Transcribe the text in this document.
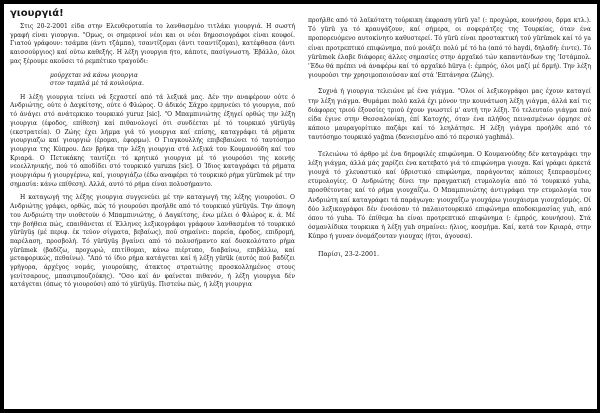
γιουργιά!

Στις 20-2-2001 είδα στην Ελευθεροτυπία το λανθασμένο τιτλάκι γιουργιά. Η σωστή γραφή είναι γιουργια. "Ομως, οι σημερινοί νέοι και οι νέοι δημοσιογράφοι είναι κουφοί. Γιατού γράφουν: τσάμπα (άντι τζάμπα), τσαντίζομαι (άντι τσαντίζομαι), κατέφθασα (άντι καισσούργιος) καί ούτω καθεξής. Η λέξη γιουργια ήτο, κάποτε, πασίγνωστη. Έβάλλο, όλοι μας ξέρουμε ακούσει τό ρεμπέτικο τραγούδι:

μούρχεται νά κάνω γιουργια
στον ταμπλά μέ τά κουλούρια.

Η λέξη γιουργια τείνει νά ξεχαστεί από τά λεξικά μας. Δέν την αναφέρουν ούτε ό Ανδριώτης, ούτε ό Δαγκίτσης, ούτε ό Φλώρος. Ό άδικός Σάχρο ερμηνεύει τό γιουργια, πού τό άνάγει στό ανάτερκικο τουρκικό yuruz [sic]. "Ο Μπαμπινιώτης έξηγεί ορθώς την λέξη γιουργια (έφοδος, επίθεση) καί πιθανολογεί ότι συνδέεται μέ τό τουρκικό yürüyüş (εκστρατεία). Ο Ζώης έχει λήμμα γιά τό γιουργια καί επίσης, καταγράφει τά ρήματα γιουργιαζω καί γιουργιώ (έρομαι, έφορμω). Ο Γιαγκουλλής επιβεβαιώνει τό ταυτόσημο γιουργια της Κύπρου. Δεν βρήκα την λέξη γιουργια στά λεξικά του Κουμανούδη καί του Κριαρά. Ο Πετυκάκης ταυτίζει τό κρητικό γιουργια μέ τό γιουρούσι της κοινής νεοελληνικής, πού τό αποδίδει στό τουρκικό yuruzıs [sic]. Ο Ίδιος καταγράφει τά ρήματα γιουργιάρω ή γιουργέρνω, καί, γιουργιάζω (έδω αναφέρει τό τουρκικό ρήμα yürümek μέ την σημασία: κάνω επίθεση). Αλλά, αυτό τό ρήμα είναι πολυσήμαντο.

Η καταγωγή της λέξης γιουργια συγγενεύει μέ την καταγωγή της λέξης γιουρούσι. Ο Ανδριώτης γράφει, ορθώς, πώς τό γιουρούσι προήλθε από τό τουρκικό yürüyüs. Την άποψη του Ανδριώτη την υιοθετούν ό Μπαμπινιώτης, ό Δαγκίτσης, ένω μέλει ό Φλώρος κ. ά. Μέ την βοήθεια πώς, επαιθάνεται εί Έλληνες λεξικογράφοι γράφουν λανθασμένα τό τουρκικό yürüyüş (μέ περιφ. έκ τεύον σίγματα, βεβαίως), πού σημαίνει: πορεία, έφοδος, επιδρομή, παρέλαση, προσβολή. Τό yürüyüş βγαίνει από τό πολυσήμαντο καί δυσκολότατο ρήμα yürümek (βαδίζω, προχωρώ, επιτίθομαι, κάνω πιέρτυπο, διαβαίνω, επιβάλλω, καί μεταφορικώς, πεθαίνω). "Από τό ίδιο ρήμα κατάγεται καί ή λέξη yürük (αυτός πού βαδίζει γρήγορα, άρχέγος νομάς, γιουρούκης, άτακτος στρατιώτης προσκολλημένος στους γενίτσαρους, μπασιμπουζούκης). "Οσο καί άν φαίνεται πιθανόν, ή λέξη γιουργια δέν κατάγεται (όπως τό γιουρούσι) από τό yürüyüş. Πιστεύω πώς, ή λέξη γιουργια

προήλθε από τό λαϊκότατη τούρκικη έκφραση yürü ya! (: προχώρα, κουνήσου, δρμα κτλ.). Τό yürü ya τό κραυγάζουν, καί σήμερα, οι σοφεράτζες της Τουρκίας, όταν ένα προπορευόμενο αυτοκίνητο καθυστερεί. Τό yürü είναι προστακτική τού yürümek καί τό ya είναι προτρεπτικό επιφώνημα, πού μοιάζει πολύ μέ τό ha (από τό haydi, δηλαδή: έιντε). Τό yürümek έλαβε διάφορες άλλες σημασίες στην άρχαϊκό τών καπαντάνδων της 'Ιστάμπολ. 'Έδω θά πρέπει νά άναφέρω καί τό αρχαϊκό hürya (: έμπρός, όλοι μαζί μέ δρμή). Την λέξη γιουρούσι την χρησιμοποιούσαν καί στά 'Επτάνησα (Ζώης).

Συχνά ή γιουργια τελειώνε μέ ένα γιάγμα. "Ολοι οί λεξικογράφοι μας έχουν καταγεί την λέξη γιάγμα. Θυμάμαι πολύ καλά έχι μόνον την κουνάτωση λέξη γιάγμα, άλλά καί τις διάφορες τριού έξουσίες τριού έχουν γνωστεί μ' αυτή την λέξη. Τό τελευταίο γιάγμα πού είδα έγινε στην Θεσσαλονίκη, έπί Κατοχής, όταν ένα πλήθος πεινασμένων όρμησε σέ κάποιο μαυραγορίτικο παζάρι καί τό λεηλάτησε. Η λέξη γιάγμα προήλθε από τό ταυτόσημο τουρκικό yağma (δανεισμένο από τό περσικό yaghmâ).

Τελειώνω τό άρθρο μέ ένα δημοφιλές επιφώνημα. Ο Κουμανούδης δέν καταγράφει την λέξη γιάγμα, άλλά μάς χαρίζει ένα κατεβατό γιά τό επιφώνημα γιουχα. Καί γράφει άρκετά γιουχά τό χλευαστικό καί ύβριστικό επιφώνημα, παράγοντας κάποιες ξεπερασμένες ετυμολογίες. Ο Ανδριώτης δίνει την πραγματική ετυμολογία από τό τουρκικό yuha, προσθέτοντας καί τό ρήμα γιουχαΐζω. Ο Μπαμπινιώτης άντιγράφει την ετυμολογία του Ανδριώτη καί καταγράφει τά παράγωγα: γιουχαΐζω γιουχάρω γιουχάισμα γιουχαϊσμός. Οί δύο λεξικογράφοι δέν ένοιάσαν τό παλαιοτουρκικό επιφώνημα αποδοκιμασίας yuh, από όπου τό yuha. Τό έπίθεμα ha είναι προτρεπτικό επιφώνημα (: έμπρός, κουνήσου). Στά όσμανλίδικα τουρκικα ή λέξη yuh σημαίνει: ήλιος, κοσμήμα. Καί, κατά τον Κριαρά, στην Κύπρο ή γυναν όνομάζονταν γιουχας (ήτοι, άγουσα).

Παρίσι, 23-2-2001.
